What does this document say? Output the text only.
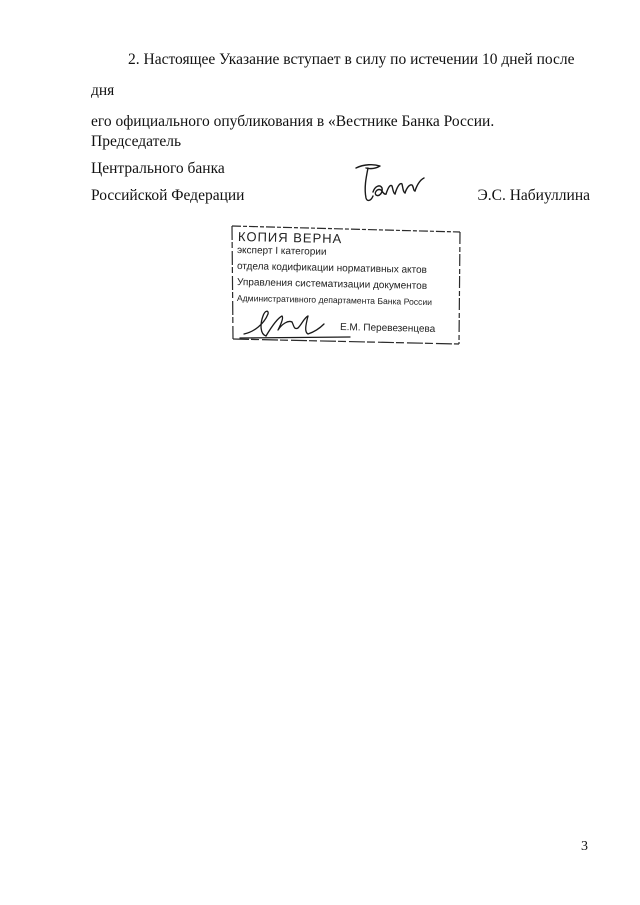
2. Настоящее Указание вступает в силу по истечении 10 дней после дня
его официального опубликования в «Вестнике Банка России.

Председатель
Центрального банка
Российской Федерации	Э.С. Набиуллина
КОПИЯ ВЕРНА
эксперт I категории
отдела кодификации нормативных актов
Управления систематизации документов
Административного департамента Банка России
Е.М. Перевезенцева
3
